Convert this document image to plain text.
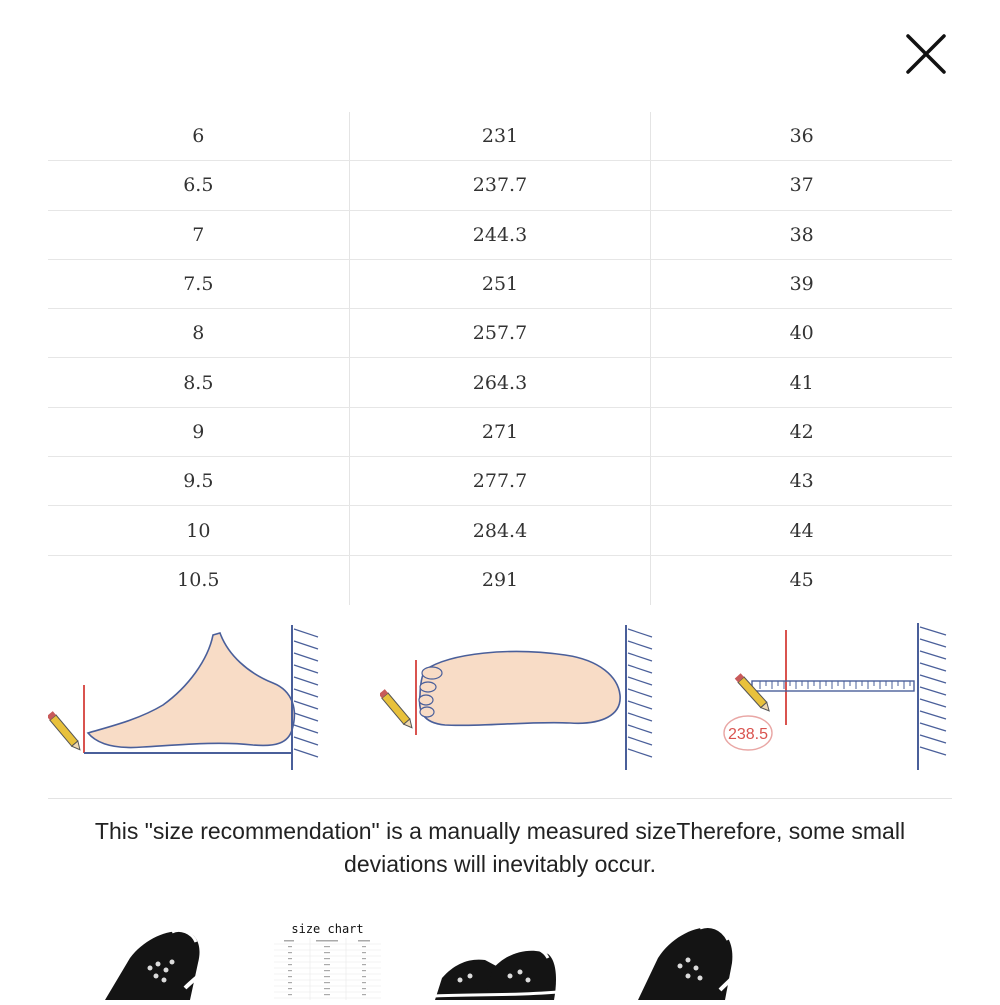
6	231	36
6.5	237.7	37
7	244.3	38
7.5	251	39
8	257.7	40
8.5	264.3	41
9	271	42
9.5	277.7	43
10	284.4	44
10.5	291	45
238.5
This "size recommendation" is a manually measured sizeTherefore, some small deviations will inevitably occur.
size chart
